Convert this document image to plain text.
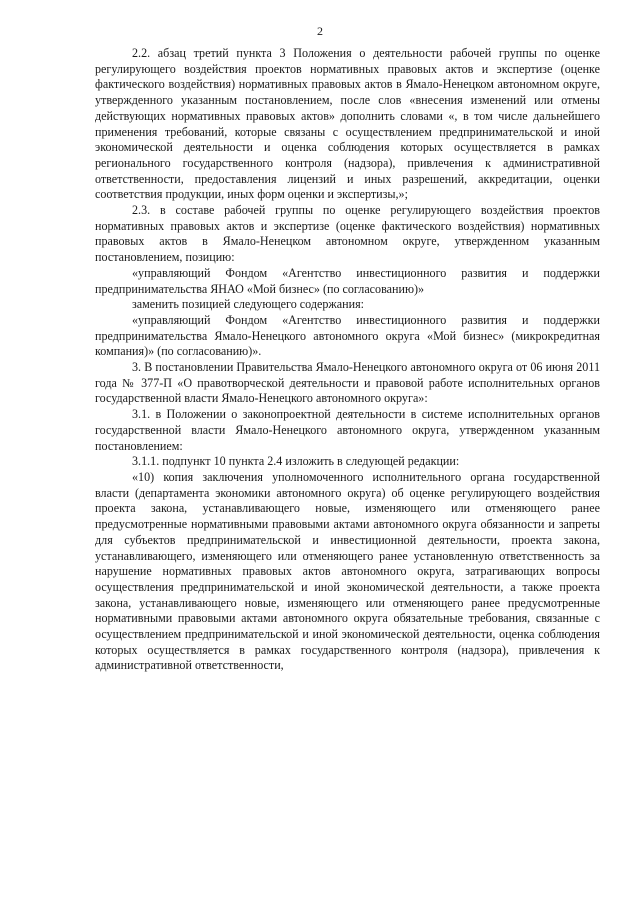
2

2.2. абзац третий пункта 3 Положения о деятельности рабочей группы по оценке регулирующего воздействия проектов нормативных правовых актов и экспертизе (оценке фактического воздействия) нормативных правовых актов в Ямало-Ненецком автономном округе, утвержденного указанным постановлением, после слов «внесения изменений или отмены действующих нормативных правовых актов» дополнить словами «, в том числе дальнейшего применения требований, которые связаны с осуществлением предпринимательской и иной экономической деятельности и оценка соблюдения которых осуществляется в рамках регионального государственного контроля (надзора), привлечения к административной ответственности, предоставления лицензий и иных разрешений, аккредитации, оценки соответствия продукции, иных форм оценки и экспертизы,»;

2.3. в составе рабочей группы по оценке регулирующего воздействия проектов нормативных правовых актов и экспертизе (оценке фактического воздействия) нормативных правовых актов в Ямало-Ненецком автономном округе, утвержденном указанным постановлением, позицию:

«управляющий Фондом «Агентство инвестиционного развития и поддержки предпринимательства ЯНАО «Мой бизнес» (по согласованию)»

заменить позицией следующего содержания:

«управляющий Фондом «Агентство инвестиционного развития и поддержки предпринимательства Ямало-Ненецкого автономного округа «Мой бизнес» (микрокредитная компания)» (по согласованию)».

3. В постановлении Правительства Ямало-Ненецкого автономного округа от 06 июня 2011 года № 377-П «О правотворческой деятельности и правовой работе исполнительных органов государственной власти Ямало-Ненецкого автономного округа»:

3.1. в Положении о законопроектной деятельности в системе исполнительных органов государственной власти Ямало-Ненецкого автономного округа, утвержденном указанным постановлением:

3.1.1. подпункт 10 пункта 2.4 изложить в следующей редакции:

«10) копия заключения уполномоченного исполнительного органа государственной власти (департамента экономики автономного округа) об оценке регулирующего воздействия проекта закона, устанавливающего новые, изменяющего или отменяющего ранее предусмотренные нормативными правовыми актами автономного округа обязанности и запреты для субъектов предпринимательской и инвестиционной деятельности, проекта закона, устанавливающего, изменяющего или отменяющего ранее установленную ответственность за нарушение нормативных правовых актов автономного округа, затрагивающих вопросы осуществления предпринимательской и иной экономической деятельности, а также проекта закона, устанавливающего новые, изменяющего или отменяющего ранее предусмотренные нормативными правовыми актами автономного округа обязательные требования, связанные с осуществлением предпринимательской и иной экономической деятельности, оценка соблюдения которых осуществляется в рамках государственного контроля (надзора), привлечения к административной ответственности,
